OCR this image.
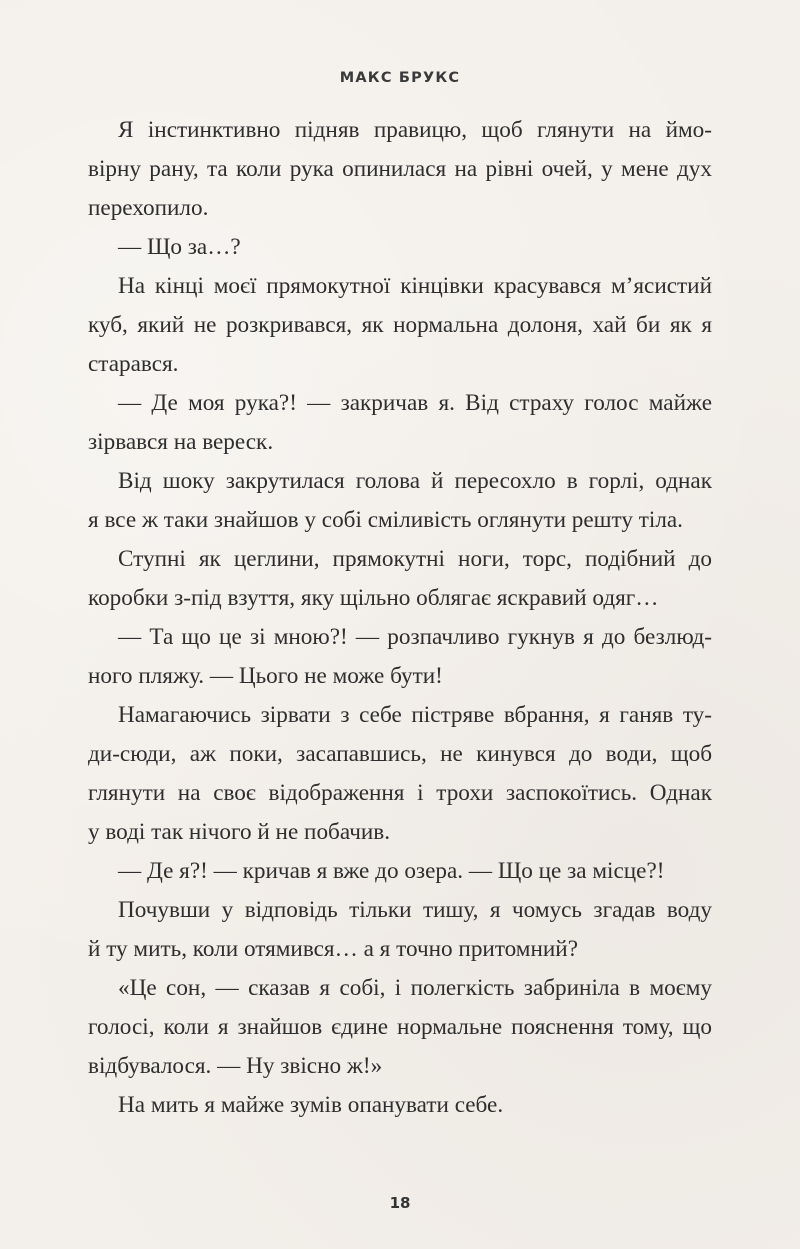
МАКС БРУКС
Я інстинктивно підняв правицю, щоб глянути на ймо-
вірну рану, та коли рука опинилася на рівні очей, у мене дух
перехопило.
— Що за…?
На кінці моєї прямокутної кінцівки красувався м’ясистий
куб, який не розкривався, як нормальна долоня, хай би як я
старався.
— Де моя рука?! — закричав я. Від страху голос майже
зірвався на вереск.
Від шоку закрутилася голова й пересохло в горлі, однак
я все ж таки знайшов у собі сміливість оглянути решту тіла.
Ступні як цеглини, прямокутні ноги, торс, подібний до
коробки з-під взуття, яку щільно облягає яскравий одяг…
— Та що це зі мною?! — розпачливо гукнув я до безлюд-
ного пляжу. — Цього не може бути!
Намагаючись зірвати з себе пістряве вбрання, я ганяв ту-
ди-сюди, аж поки, засапавшись, не кинувся до води, щоб
глянути на своє відображення і трохи заспокоїтись. Однак
у воді так нічого й не побачив.
— Де я?! — кричав я вже до озера. — Що це за місце?!
Почувши у відповідь тільки тишу, я чомусь згадав воду
й ту мить, коли отямився… а я точно притомний?
«Це сон, — сказав я собі, і полегкість забриніла в моєму
голосі, коли я знайшов єдине нормальне пояснення тому, що
відбувалося. — Ну звісно ж!»
На мить я майже зумів опанувати себе.
18
